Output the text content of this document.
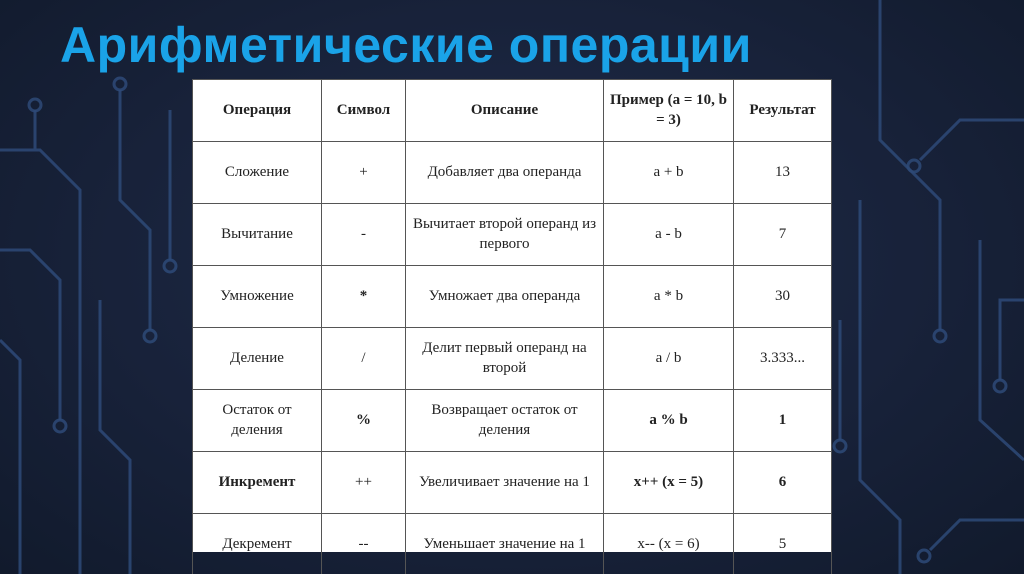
Арифметические операции
Операция	Символ	Описание	Пример (a = 10, b = 3)	Результат
Сложение	+	Добавляет два операнда	a + b	13
Вычитание	-	Вычитает второй операнд из первого	a - b	7
Умножение	*	Умножает два операнда	a * b	30
Деление	/	Делит первый операнд на второй	a / b	3.333...
Остаток от деления	%	Возвращает остаток от деления	a % b	1
Инкремент	++	Увеличивает значение на 1	x++ (x = 5)	6
Декремент	--	Уменьшает значение на 1	x-- (x = 6)	5
